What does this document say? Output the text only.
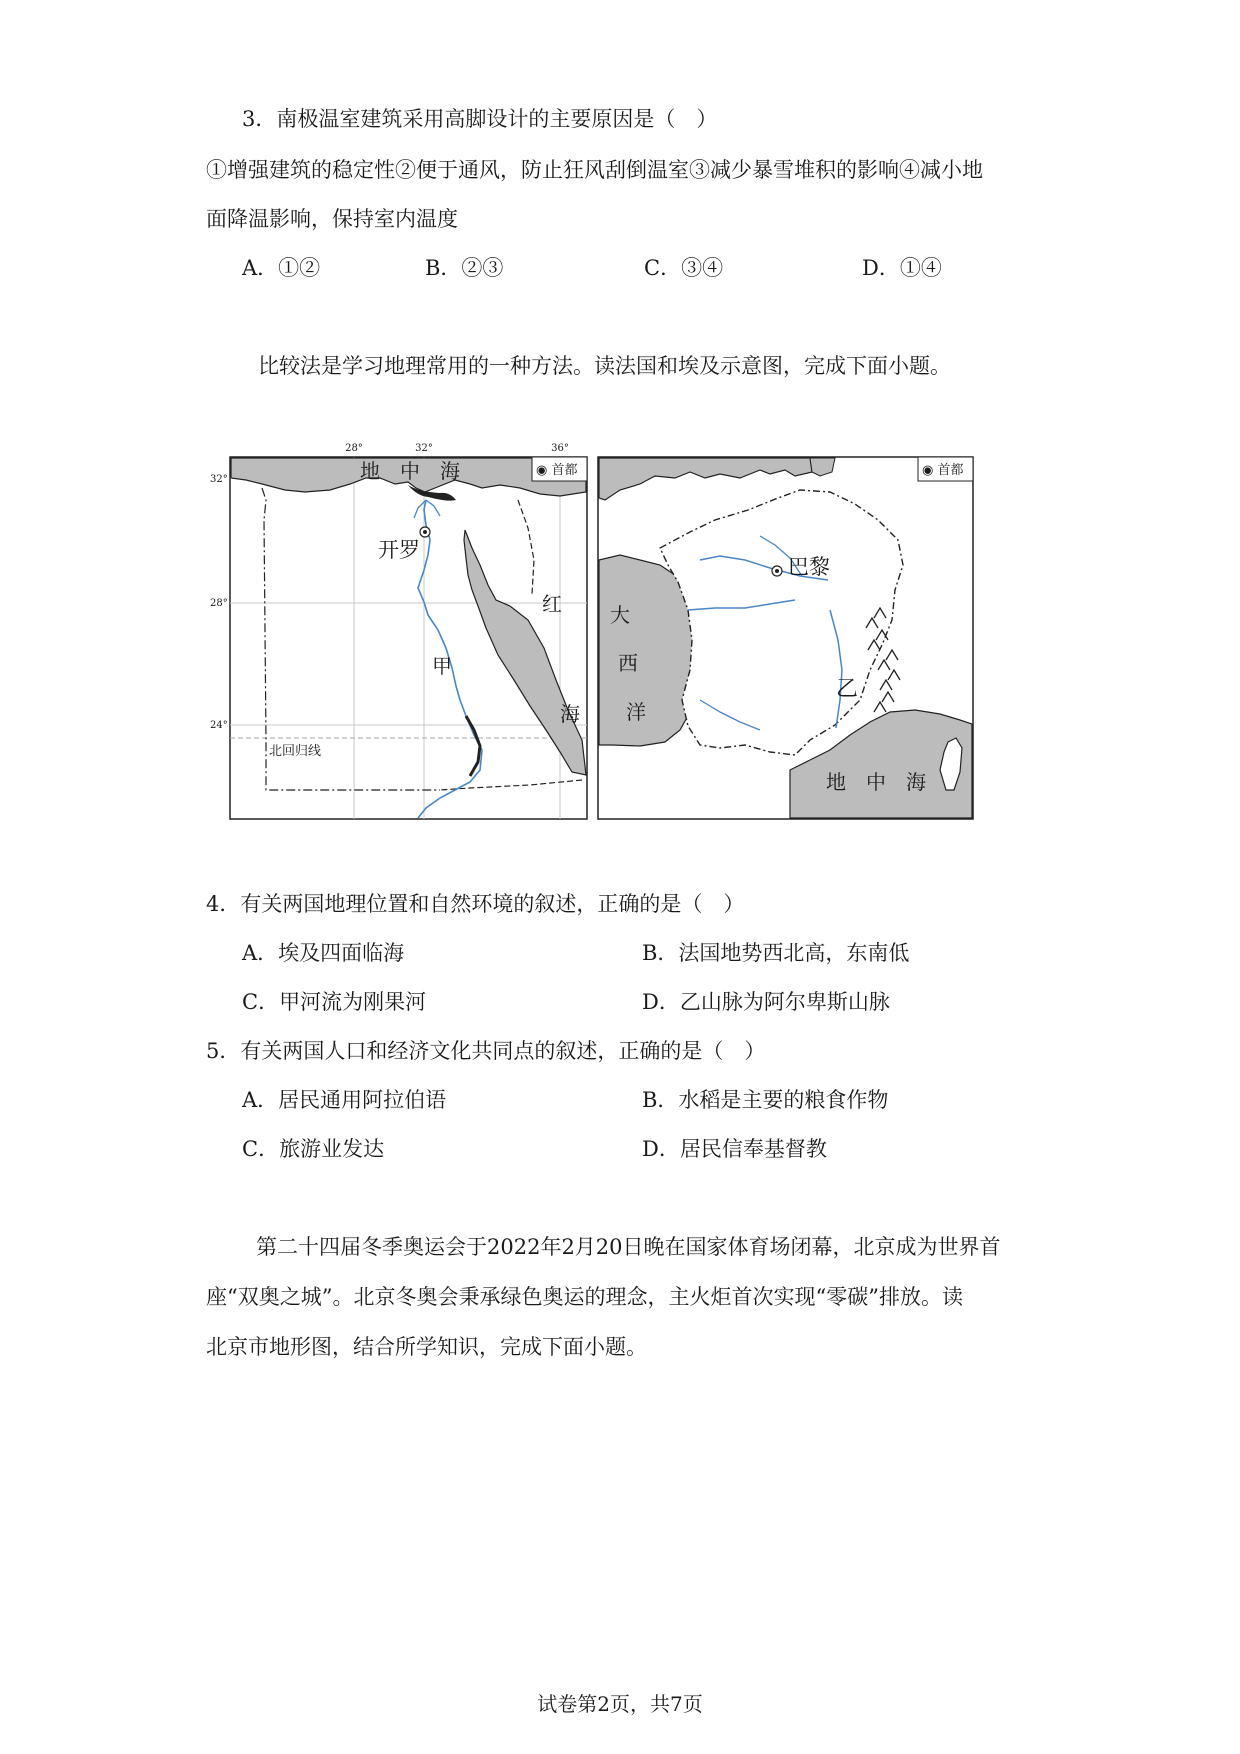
3．南极温室建筑采用高脚设计的主要原因是（　）
①增强建筑的稳定性②便于通风，防止狂风刮倒温室③减少暴雪堆积的影响④减小地
面降温影响，保持室内温度
A．①②	B．②③	C．③④	D．①④
比较法是学习地理常用的一种方法。读法国和埃及示意图，完成下面小题。
28°	32°	36°
32°
28°
24°
地　中　海	◉ 首都
开罗
甲
红
海
北回归线
◉ 首都
巴黎
大
西
洋
乙
地　中　海
4．有关两国地理位置和自然环境的叙述，正确的是（　）
A．埃及四面临海	B．法国地势西北高，东南低
C．甲河流为刚果河	D．乙山脉为阿尔卑斯山脉
5．有关两国人口和经济文化共同点的叙述，正确的是（　）
A．居民通用阿拉伯语	B．水稻是主要的粮食作物
C．旅游业发达	D．居民信奉基督教
第二十四届冬季奥运会于2022年2月20日晚在国家体育场闭幕，北京成为世界首
座“双奥之城”。北京冬奥会秉承绿色奥运的理念，主火炬首次实现“零碳”排放。读
北京市地形图，结合所学知识，完成下面小题。
试卷第2页，共7页
